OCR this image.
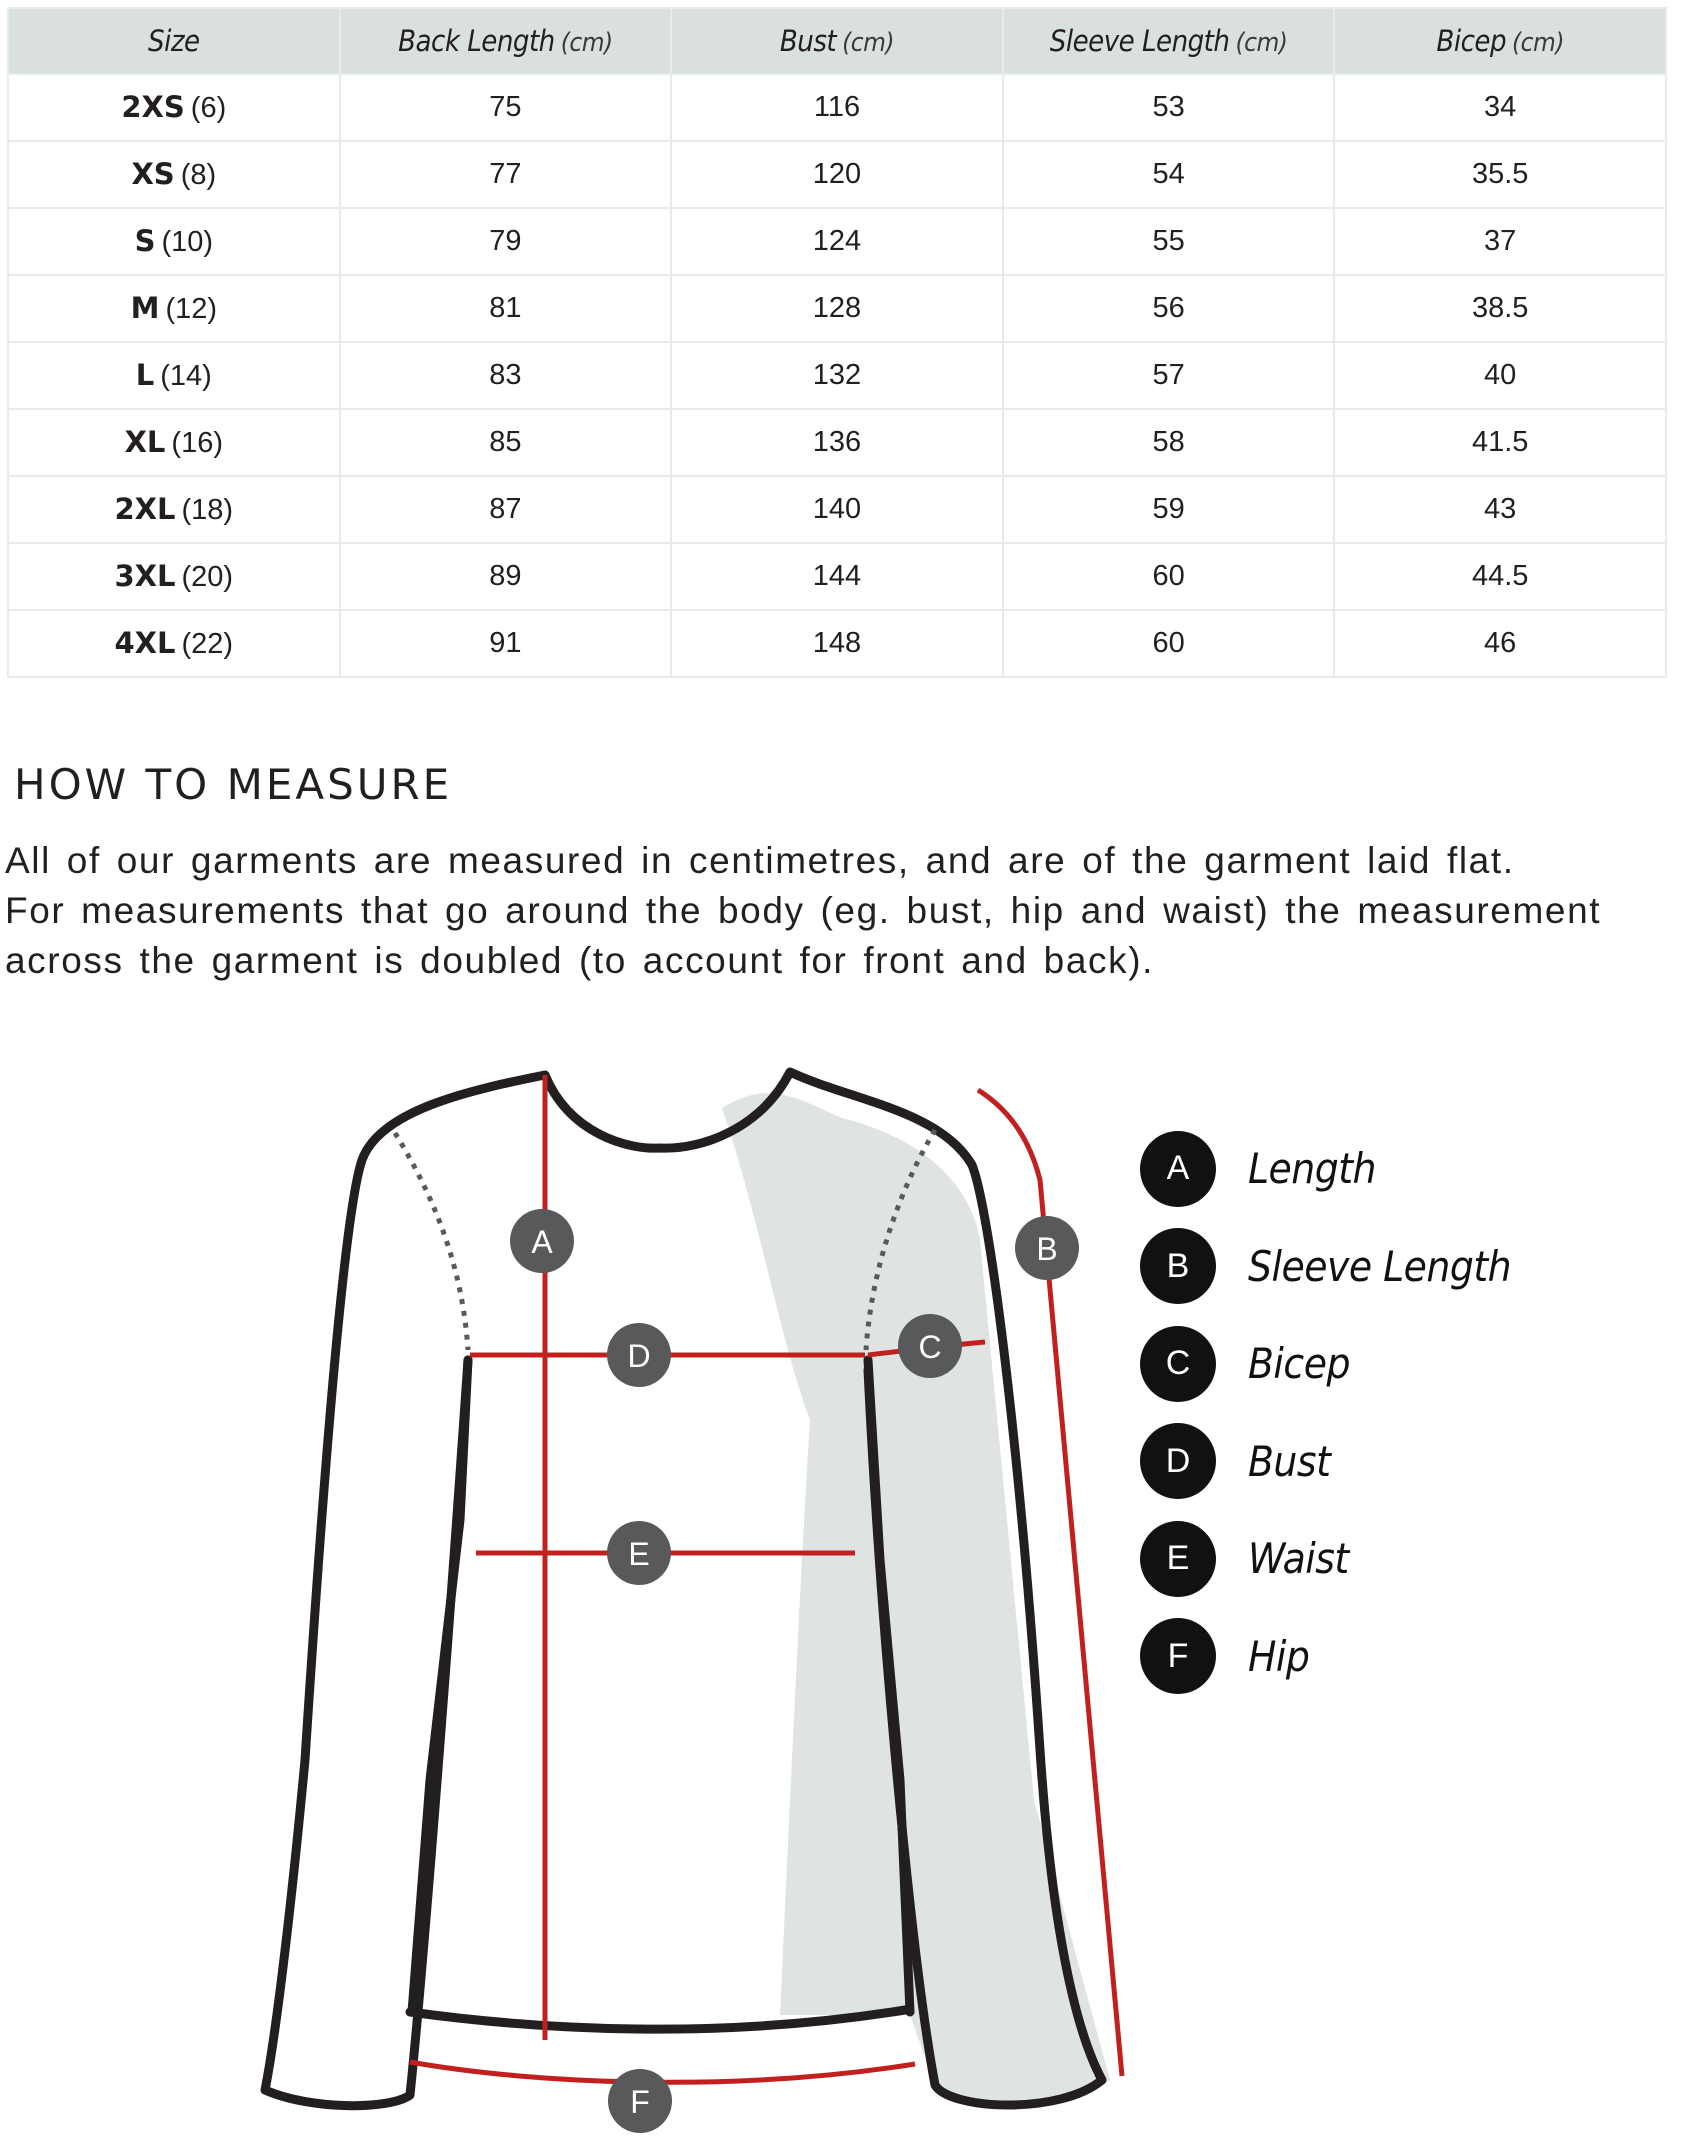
Size	Back Length (cm)	Bust (cm)	Sleeve Length (cm)	Bicep (cm)
2XS (6)	75	116	53	34
XS (8)	77	120	54	35.5
S (10)	79	124	55	37
M (12)	81	128	56	38.5
L (14)	83	132	57	40
XL (16)	85	136	58	41.5
2XL (18)	87	140	59	43
3XL (20)	89	144	60	44.5
4XL (22)	91	148	60	46
HOW TO MEASURE

All of our garments are measured in centimetres, and are of the garment laid flat.
For measurements that go around the body (eg. bust, hip and waist) the measurement
across the garment is doubled (to account for front and back).

A	B
C
D
E
F
A	Length
B	Sleeve Length
C	Bicep
D	Bust
E	Waist
F	Hip
